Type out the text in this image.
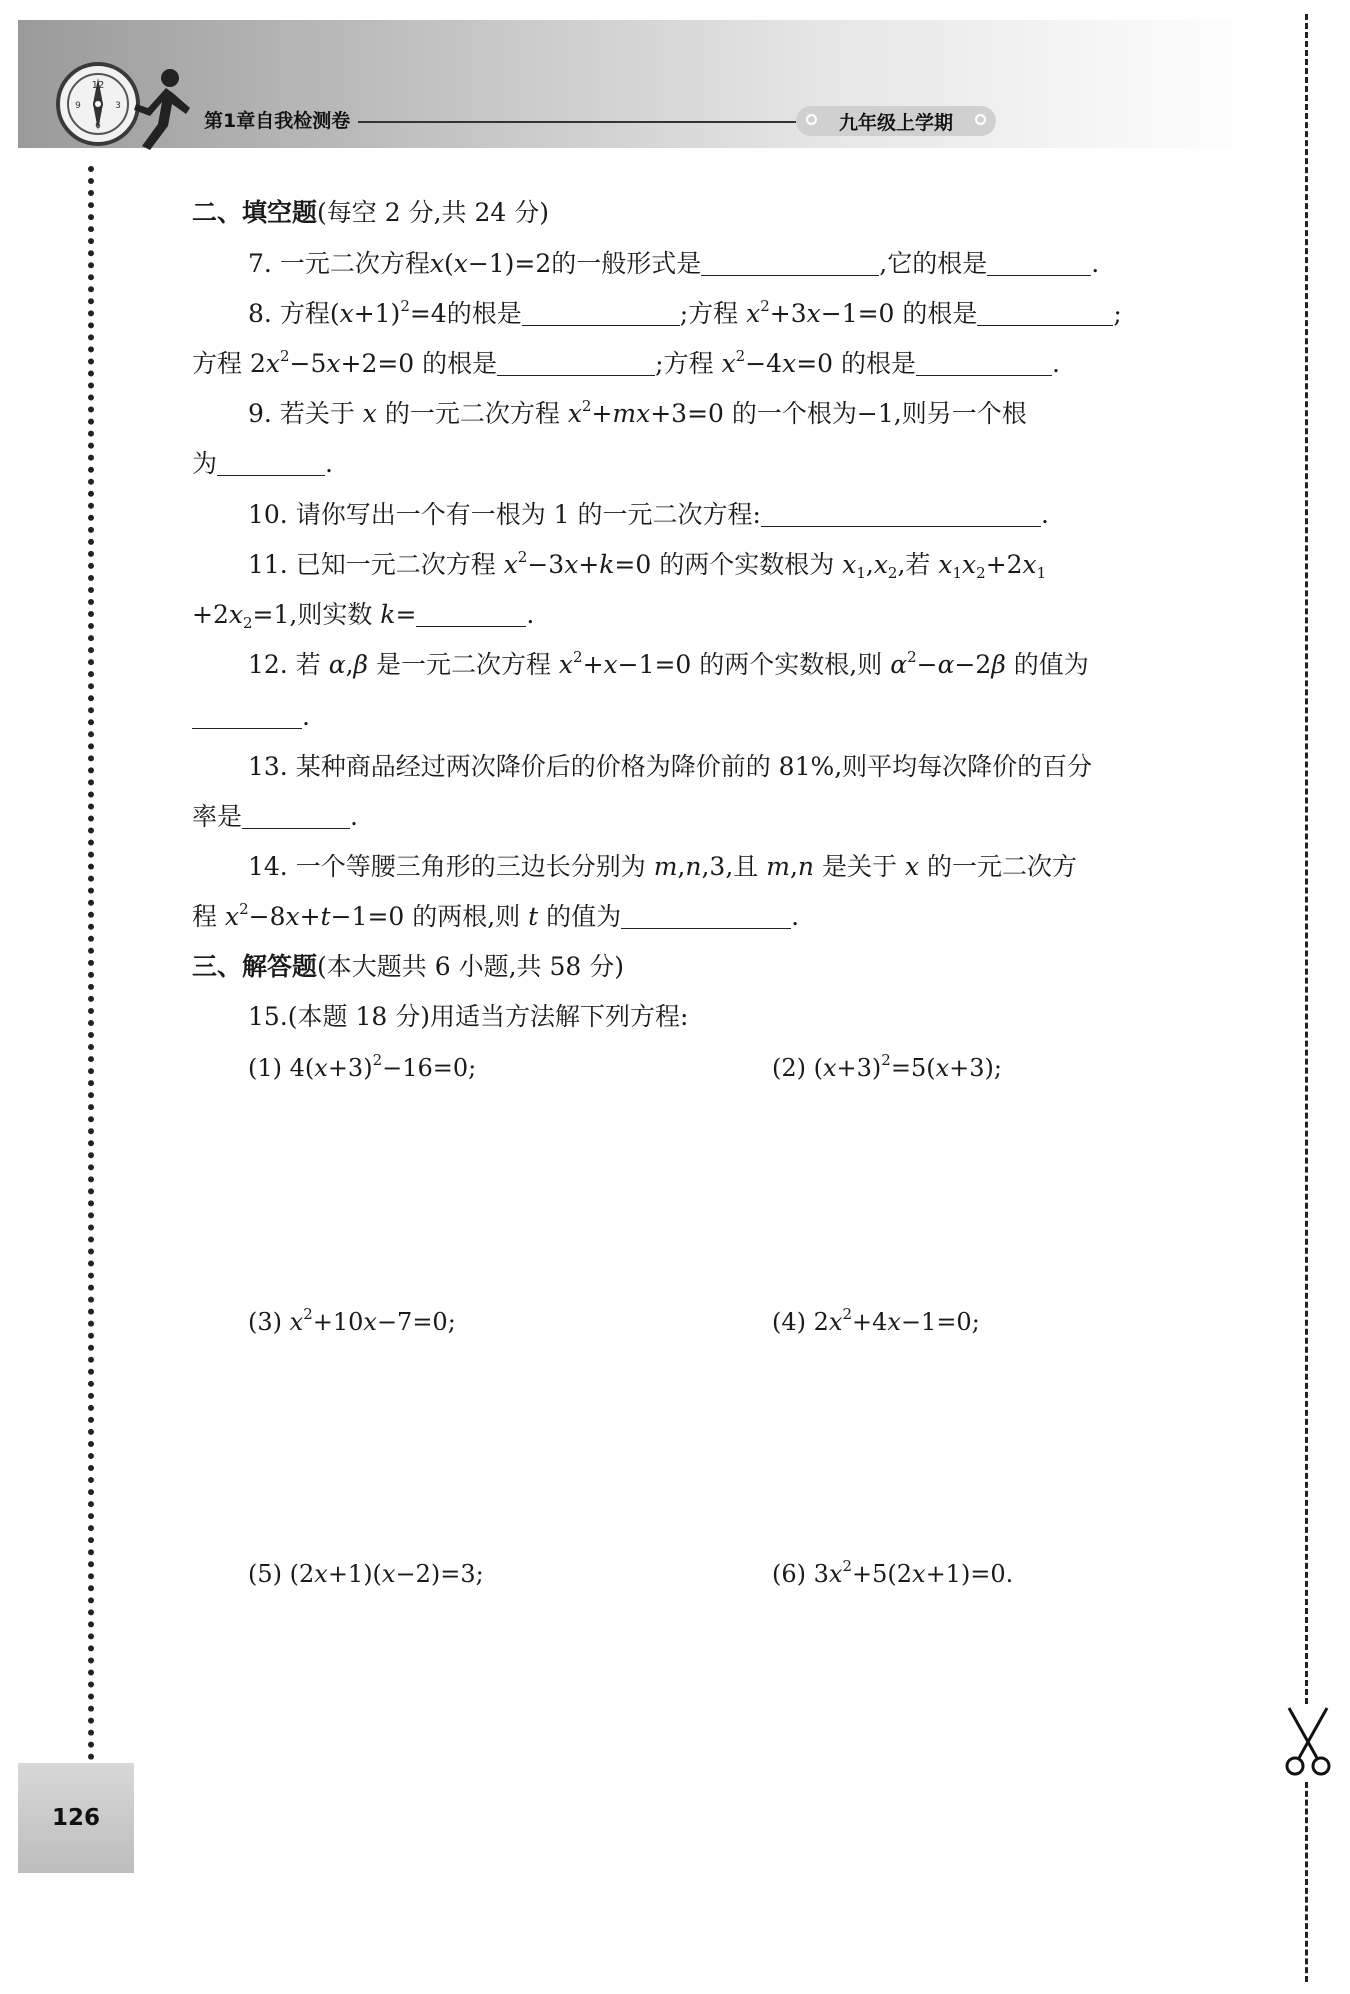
12
3
6
9
第1章自我检测卷	九年级上学期
126
二、填空题(每空 2 分,共 24 分)
7. 一元二次方程x(x−1)=2的一般形式是	,它的根是	.
8. 方程$(x+1)^2=4$的根是	;方程 $x^2+3x-1=0$ 的根是	;
方程 $2x^2-5x+2=0$ 的根是	;方程 $x^2-4x=0$ 的根是	.
9. 若关于 x 的一元二次方程 $x^2+mx+3=0$ 的一个根为−1,则另一个根
为	.
10. 请你写出一个有一根为 1 的一元二次方程:	.
11. 已知一元二次方程 $x^2-3x+k=0$ 的两个实数根为 $x_1,x_2$,若 $x_1x_2+2x_1$
$+2x_2=1$,则实数 k=	.
12. 若 α,β 是一元二次方程 $x^2+x-1=0$ 的两个实数根,则 $\alpha^2-\alpha-2\beta$ 的值为
.
13. 某种商品经过两次降价后的价格为降价前的 81%,则平均每次降价的百分
率是	.
14. 一个等腰三角形的三边长分别为 m,n,3,且 m,n 是关于 x 的一元二次方
程 $x^2-8x+t-1=0$ 的两根,则 t 的值为	.
三、解答题(本大题共 6 小题,共 58 分)
15.(本题 18 分)用适当方法解下列方程:
(1) $4(x+3)^2-16=0$;	(2) $(x+3)^2=5(x+3)$;
(3) $x^2+10x-7=0$;	(4) $2x^2+4x-1=0$;
(5) (2x+1)(x−2)=3;	(6) $3x^2+5(2x+1)=0$.
